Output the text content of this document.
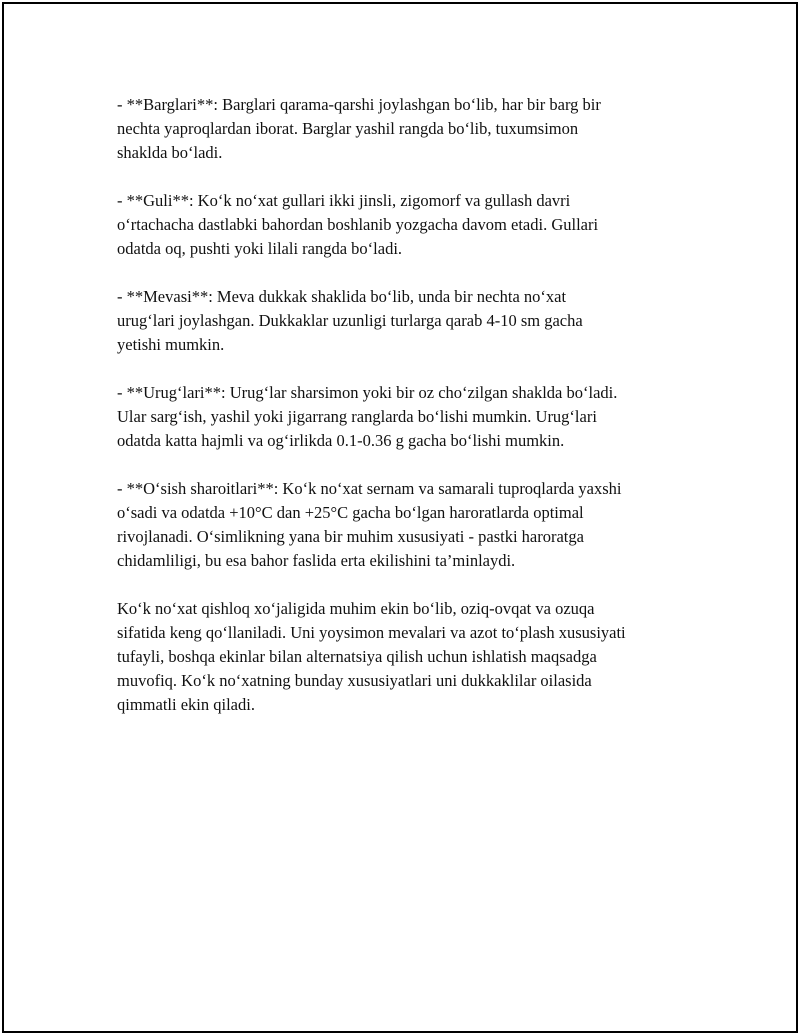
- **Barglari**: Barglari qarama-qarshi joylashgan bo‘lib, har bir barg bir
nechta yaproqlardan iborat. Barglar yashil rangda bo‘lib, tuxumsimon
shaklda bo‘ladi.

- **Guli**: Ko‘k no‘xat gullari ikki jinsli, zigomorf va gullash davri
o‘rtachacha dastlabki bahordan boshlanib yozgacha davom etadi. Gullari
odatda oq, pushti yoki lilali rangda bo‘ladi.

- **Mevasi**: Meva dukkak shaklida bo‘lib, unda bir nechta no‘xat
urug‘lari joylashgan. Dukkaklar uzunligi turlarga qarab 4-10 sm gacha
yetishi mumkin.

- **Urug‘lari**: Urug‘lar sharsimon yoki bir oz cho‘zilgan shaklda bo‘ladi.
Ular sarg‘ish, yashil yoki jigarrang ranglarda bo‘lishi mumkin. Urug‘lari
odatda katta hajmli va og‘irlikda 0.1-0.36 g gacha bo‘lishi mumkin.

- **O‘sish sharoitlari**: Ko‘k no‘xat sernam va samarali tuproqlarda yaxshi
o‘sadi va odatda +10°C dan +25°C gacha bo‘lgan haroratlarda optimal
rivojlanadi. O‘simlikning yana bir muhim xususiyati - pastki haroratga
chidamliligi, bu esa bahor faslida erta ekilishini ta’minlaydi.

Ko‘k no‘xat qishloq xo‘jaligida muhim ekin bo‘lib, oziq-ovqat va ozuqa
sifatida keng qo‘llaniladi. Uni yoysimon mevalari va azot to‘plash xususiyati
tufayli, boshqa ekinlar bilan alternatsiya qilish uchun ishlatish maqsadga
muvofiq. Ko‘k no‘xatning bunday xususiyatlari uni dukkaklilar oilasida
qimmatli ekin qiladi.
